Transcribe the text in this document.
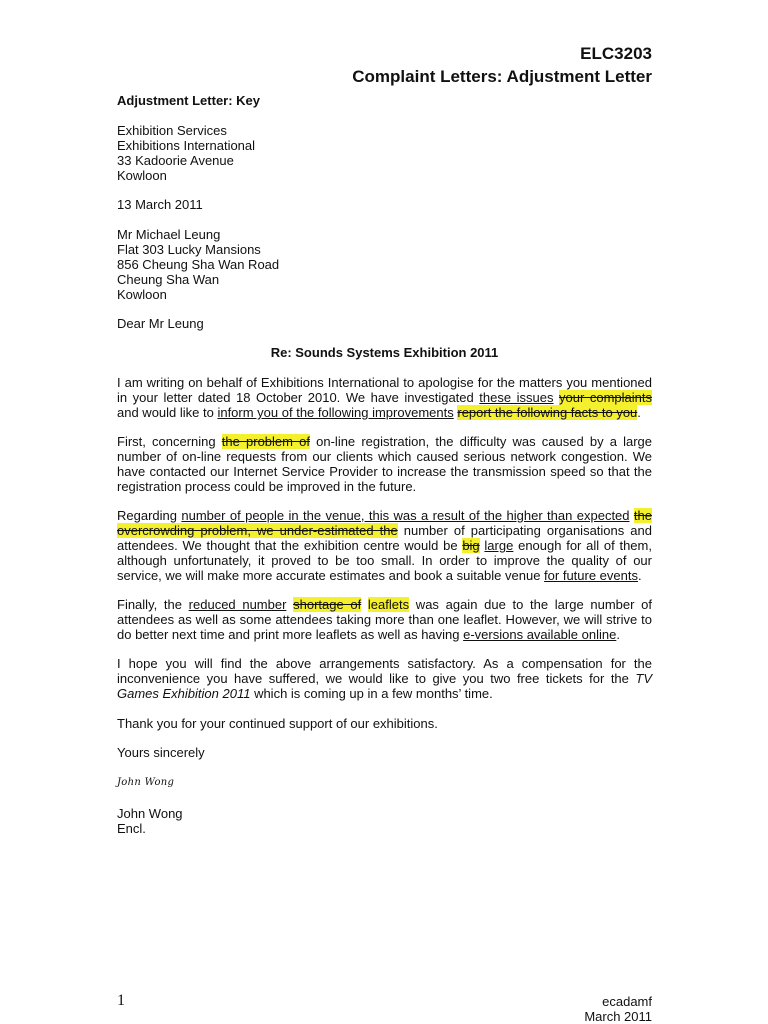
ELC3203
Complaint Letters: Adjustment Letter
Adjustment Letter: Key
Exhibition Services
Exhibitions International
33 Kadoorie Avenue
Kowloon
13 March 2011
Mr Michael Leung
Flat 303 Lucky Mansions
856 Cheung Sha Wan Road
Cheung Sha Wan
Kowloon
Dear Mr Leung
Re: Sounds Systems Exhibition 2011
I am writing on behalf of Exhibitions International to apologise for the matters you mentioned in your letter dated 18 October 2010. We have investigated these issues your complaints and would like to inform you of the following improvements report the following facts to you.
First, concerning the problem of on-line registration, the difficulty was caused by a large number of on-line requests from our clients which caused serious network congestion. We have contacted our Internet Service Provider to increase the transmission speed so that the registration process could be improved in the future.
Regarding number of people in the venue, this was a result of the higher than expected the overcrowding problem, we under-estimated the number of participating organisations and attendees. We thought that the exhibition centre would be big large enough for all of them, although unfortunately, it proved to be too small. In order to improve the quality of our service, we will make more accurate estimates and book a suitable venue for future events.
Finally, the reduced number shortage of leaflets was again due to the large number of attendees as well as some attendees taking more than one leaflet. However, we will strive to do better next time and print more leaflets as well as having e-versions available online.
I hope you will find the above arrangements satisfactory. As a compensation for the inconvenience you have suffered, we would like to give you two free tickets for the TV Games Exhibition 2011 which is coming up in a few months’ time.
Thank you for your continued support of our exhibitions.
Yours sincerely
John Wong
John Wong
Encl.
1	ecadamf
March 2011
